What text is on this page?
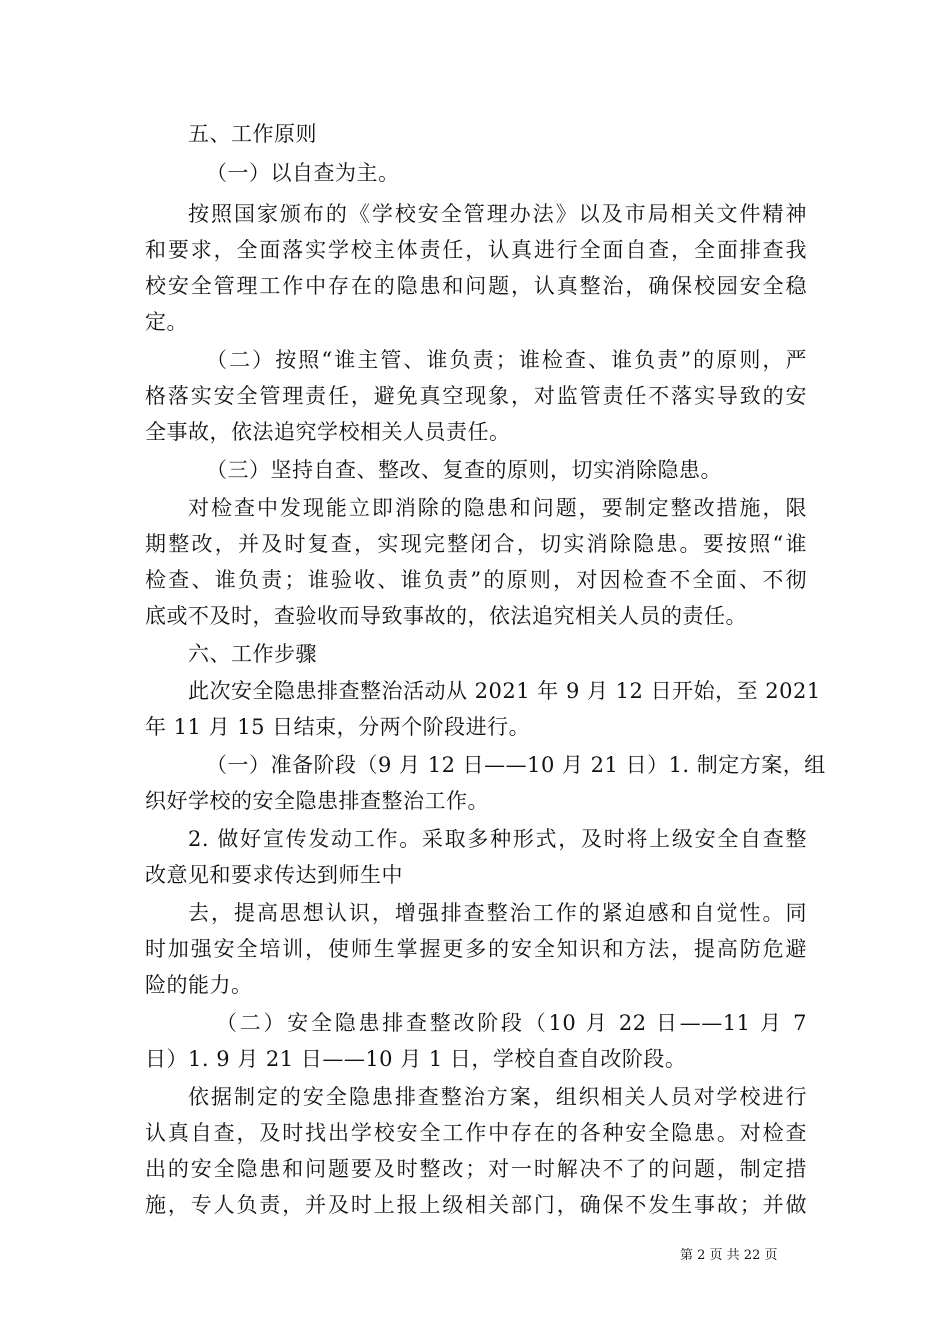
五、工作原则
（一）以自查为主。
按照国家颁布的《学校安全管理办法》以及市局相关文件精神
和要求，全面落实学校主体责任，认真进行全面自查，全面排查我
校安全管理工作中存在的隐患和问题，认真整治，确保校园安全稳
定。
（二）按照“谁主管、谁负责；谁检查、谁负责”的原则，严
格落实安全管理责任，避免真空现象，对监管责任不落实导致的安
全事故，依法追究学校相关人员责任。
（三）坚持自查、整改、复查的原则，切实消除隐患。
对检查中发现能立即消除的隐患和问题，要制定整改措施，限
期整改，并及时复查，实现完整闭合，切实消除隐患。要按照“谁
检查、谁负责；谁验收、谁负责”的原则，对因检查不全面、不彻
底或不及时，查验收而导致事故的，依法追究相关人员的责任。
六、工作步骤
此次安全隐患排查整治活动从 2021 年 9 月 12 日开始，至 2021
年 11 月 15 日结束，分两个阶段进行。
（一）准备阶段（9 月 12 日——10 月 21 日）1. 制定方案，组
织好学校的安全隐患排查整治工作。
2. 做好宣传发动工作。采取多种形式，及时将上级安全自查整
改意见和要求传达到师生中
去，提高思想认识，增强排查整治工作的紧迫感和自觉性。同
时加强安全培训，使师生掌握更多的安全知识和方法，提高防危避
险的能力。
（二）安全隐患排查整改阶段（10 月 22 日——11 月 7
日）1. 9 月 21 日——10 月 1 日，学校自查自改阶段。
依据制定的安全隐患排查整治方案，组织相关人员对学校进行
认真自查，及时找出学校安全工作中存在的各种安全隐患。对检查
出的安全隐患和问题要及时整改；对一时解决不了的问题，制定措
施，专人负责，并及时上报上级相关部门，确保不发生事故；并做
第 2 页 共 22 页
